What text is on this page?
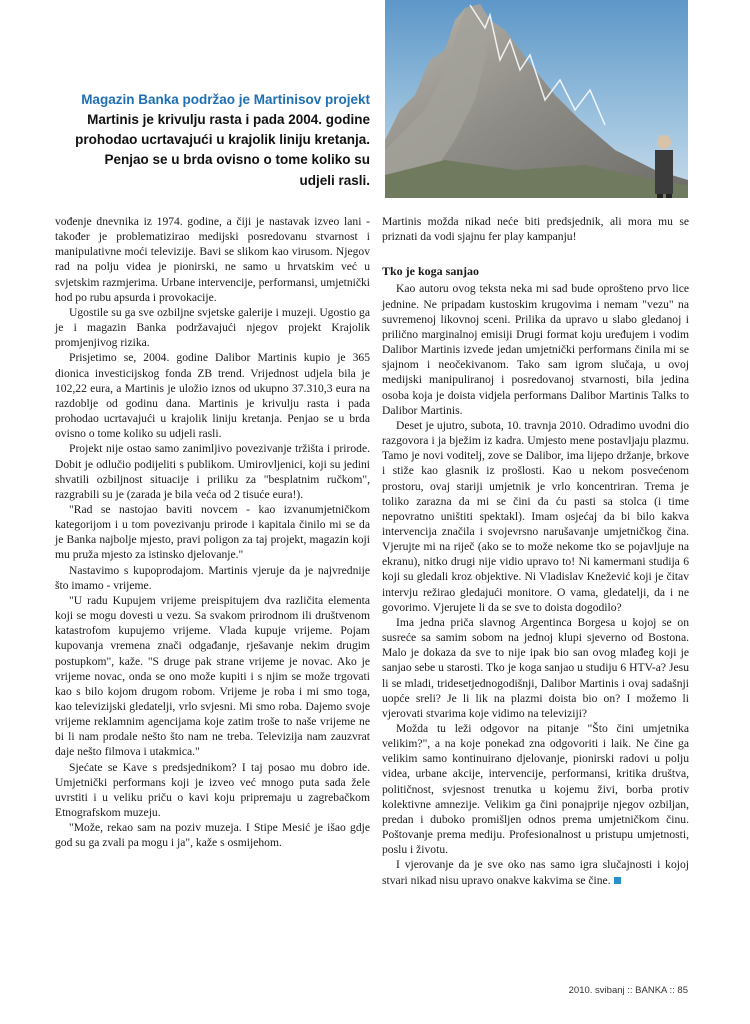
Magazin Banka podržao je Martinisov projekt
Martinis je krivulju rasta i pada 2004. godine
prohodao ucrtavajući u krajolik liniju kretanja.
Penjao se u brda ovisno o tome koliko su
udjeli rasli.

vođenje dnevnika iz 1974. godine, a čiji je nastavak izveo lani - također je problematizirao medijski posredovanu stvarnost i manipulativne moći televizije. Bavi se slikom kao virusom. Njegov rad na polju videa je pionirski, ne samo u hrvatskim već u svjetskim razmjerima. Urbane intervencije, performansi, umjetnički hod po rubu apsurda i provokacije.

Ugostile su ga sve ozbiljne svjetske galerije i muzeji. Ugostio ga je i magazin Banka podržavajući njegov projekt Krajolik promjenjivog rizika.

Prisjetimo se, 2004. godine Dalibor Martinis kupio je 365 dionica investicijskog fonda ZB trend. Vrijednost udjela bila je 102,22 eura, a Martinis je uložio iznos od ukupno 37.310,3 eura na razdoblje od godinu dana. Martinis je krivulju rasta i pada prohodao ucrtavajući u krajolik liniju kretanja. Penjao se u brda ovisno o tome koliko su udjeli rasli.

Projekt nije ostao samo zanimljivo povezivanje tržišta i prirode. Dobit je odlučio podijeliti s publikom. Umirovljenici, koji su jedini shvatili ozbiljnost situacije i priliku za "besplatnim ručkom", razgrabili su je (zarada je bila veća od 2 tisuće eura!).

"Rad se nastojao baviti novcem - kao izvanumjetničkom kategorijom i u tom povezivanju prirode i kapitala činilo mi se da je Banka najbolje mjesto, pravi poligon za taj projekt, magazin koji mu pruža mjesto za istinsko djelovanje."

Nastavimo s kupoprodajom. Martinis vjeruje da je najvrednije što imamo - vrijeme.

"U radu Kupujem vrijeme preispitujem dva različita elementa koji se mogu dovesti u vezu. Sa svakom prirodnom ili društvenom katastrofom kupujemo vrijeme. Vlada kupuje vrijeme. Pojam kupovanja vremena znači odgađanje, rješavanje nekim drugim postupkom", kaže. "S druge pak strane vrijeme je novac. Ako je vrijeme novac, onda se ono može kupiti i s njim se može trgovati kao s bilo kojom drugom robom. Vrijeme je roba i mi smo toga, kao televizijski gledatelji, vrlo svjesni. Mi smo roba. Dajemo svoje vrijeme reklamnim agencijama koje zatim troše to naše vrijeme ne bi li nam prodale nešto što nam ne treba. Televizija nam zauzvrat daje nešto filmova i utakmica."

Sjećate se Kave s predsjednikom? I taj posao mu dobro ide. Umjetnički performans koji je izveo već mnogo puta sada žele uvrstiti i u veliku priču o kavi koju pripremaju u zagrebačkom Etnografskom muzeju.

"Može, rekao sam na poziv muzeja. I Stipe Mesić je išao gdje god su ga zvali pa mogu i ja", kaže s osmijehom.

Martinis možda nikad neće biti predsjednik, ali mora mu se priznati da vodi sjajnu fer play kampanju!

Tko je koga sanjao

Kao autoru ovog teksta neka mi sad bude oprošteno prvo lice jednine. Ne pripadam kustoskim krugovima i nemam "vezu" na suvremenoj likovnoj sceni. Prilika da upravo u slabo gledanoj i prilično marginalnoj emisiji Drugi format koju uređujem i vodim Dalibor Martinis izvede jedan umjetnički performans činila mi se sjajnom i neočekivanom. Tako sam igrom slučaja, u ovoj medijski manipuliranoj i posredovanoj stvarnosti, bila jedina osoba koja je doista vidjela performans Dalibor Martinis Talks to Dalibor Martinis.

Deset je ujutro, subota, 10. travnja 2010. Odradimo uvodni dio razgovora i ja bježim iz kadra. Umjesto mene postavljaju plazmu. Tamo je novi voditelj, zove se Dalibor, ima lijepo držanje, brkove i stiže kao glasnik iz prošlosti. Kao u nekom posvećenom prostoru, ovaj stariji umjetnik je vrlo koncentriran. Trema je toliko zarazna da mi se čini da ću pasti sa stolca (i time nepovratno uništiti spektakl). Imam osjećaj da bi bilo kakva intervencija značila i svojevrsno narušavanje umjetničkog čina. Vjerujte mi na riječ (ako se to može nekome tko se pojavljuje na ekranu), nitko drugi nije vidio upravo to! Ni kamermani studija 6 koji su gledali kroz objektive. Ni Vladislav Knežević koji je čitav intervju režirao gledajući monitore. O vama, gledatelji, da i ne govorimo. Vjerujete li da se sve to doista dogodilo?

Ima jedna priča slavnog Argentinca Borgesa u kojoj se on susreće sa samim sobom na jednoj klupi sjeverno od Bostona. Malo je dokaza da sve to nije ipak bio san ovog mlađeg koji je sanjao sebe u starosti. Tko je koga sanjao u studiju 6 HTV-a? Jesu li se mladi, tridesetjednogodišnji, Dalibor Martinis i ovaj sadašnji uopće sreli? Je li lik na plazmi doista bio on? I možemo li vjerovati stvarima koje vidimo na televiziji?

Možda tu leži odgovor na pitanje "Što čini umjetnika velikim?", a na koje ponekad zna odgovoriti i laik. Ne čine ga velikim samo kontinuirano djelovanje, pionirski radovi u polju videa, urbane akcije, intervencije, performansi, kritika društva, političnost, svjesnost trenutka u kojemu živi, borba protiv kolektivne amnezije. Velikim ga čini ponajprije njegov ozbiljan, predan i duboko promišljen odnos prema umjetničkom činu. Poštovanje prema mediju. Profesionalnost u pristupu umjetnosti, poslu i životu.

I vjerovanje da je sve oko nas samo igra slučajnosti i kojoj stvari nikad nisu upravo onakve kakvima se čine.

2010. svibanj :: BANKA :: 85
